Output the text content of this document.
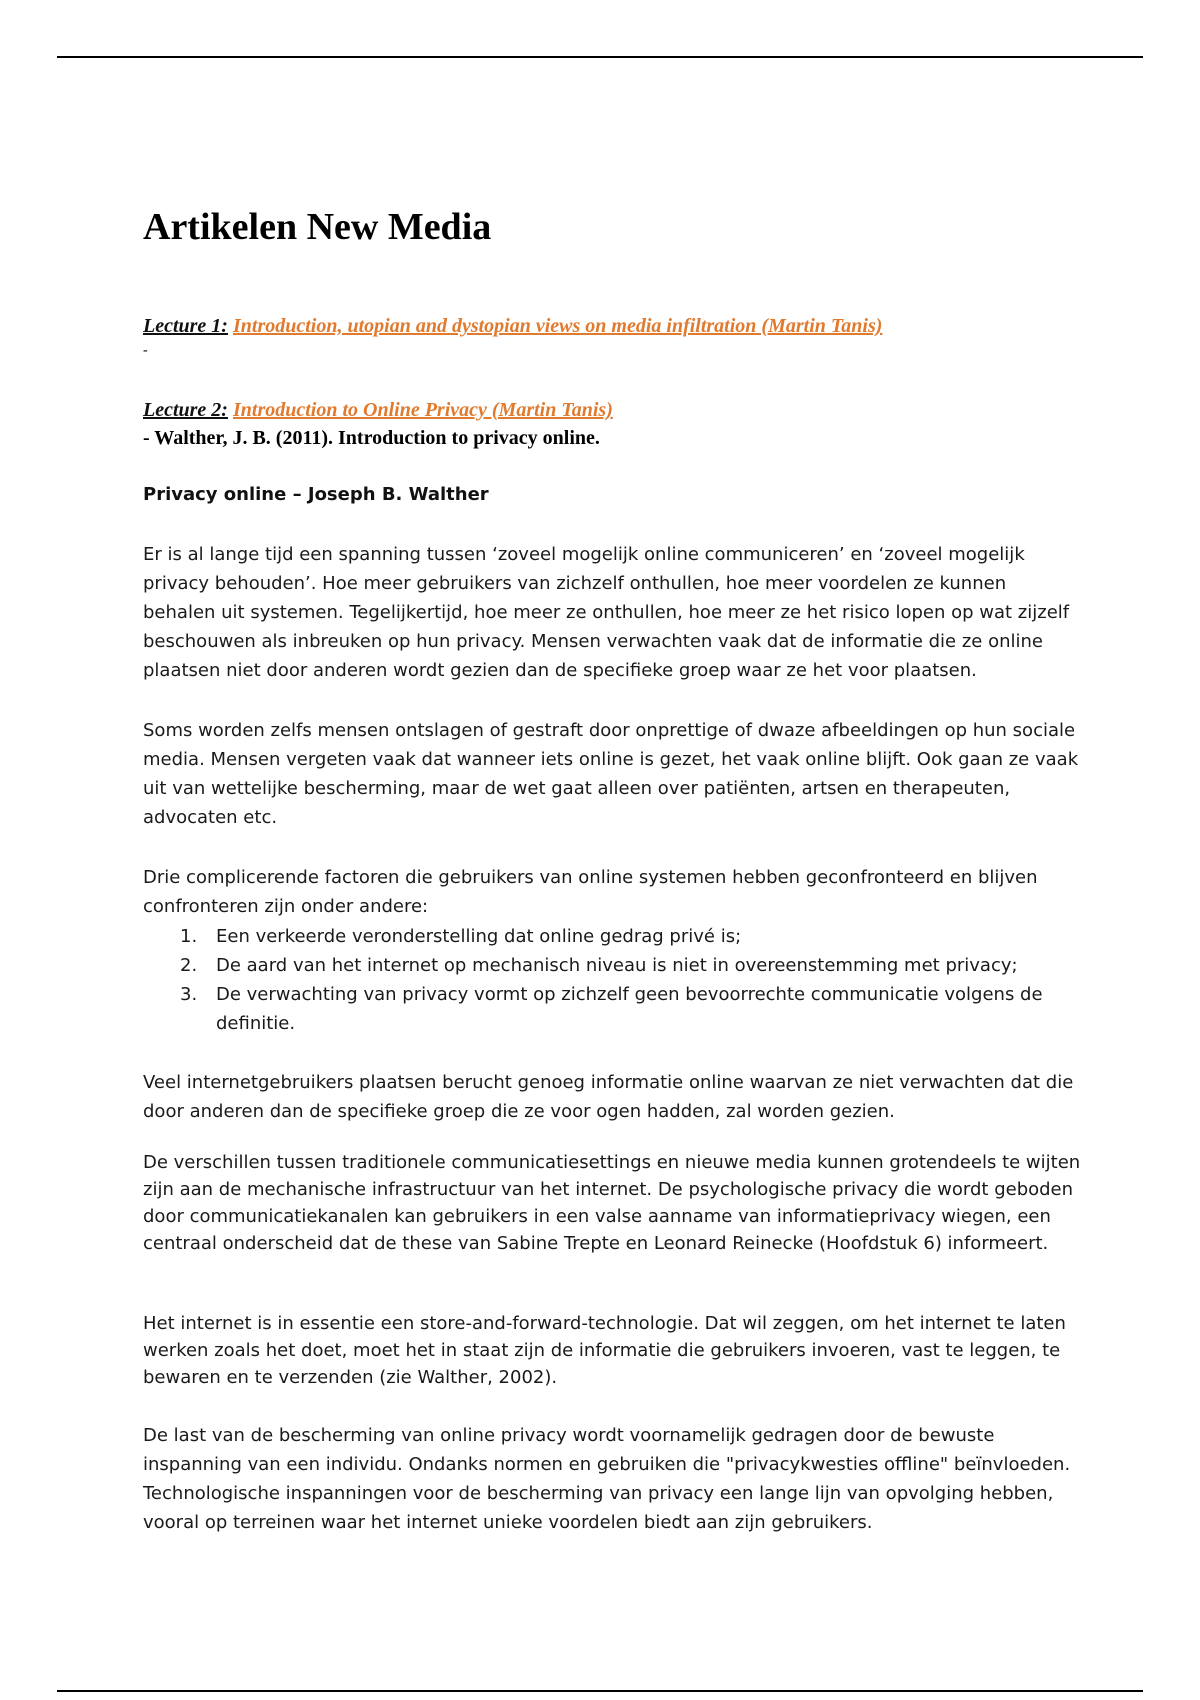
Artikelen New Media

Lecture 1: Introduction, utopian and dystopian views on media infiltration (Martin Tanis)

-

Lecture 2: Introduction to Online Privacy (Martin Tanis)

- Walther, J. B. (2011). Introduction to privacy online.

Privacy online – Joseph B. Walther

Er is al lange tijd een spanning tussen ‘zoveel mogelijk online communiceren’ en ‘zoveel mogelijk privacy behouden’. Hoe meer gebruikers van zichzelf onthullen, hoe meer voordelen ze kunnen behalen uit systemen. Tegelijkertijd, hoe meer ze onthullen, hoe meer ze het risico lopen op wat zijzelf beschouwen als inbreuken op hun privacy. Mensen verwachten vaak dat de informatie die ze online plaatsen niet door anderen wordt gezien dan de specifieke groep waar ze het voor plaatsen.

Soms worden zelfs mensen ontslagen of gestraft door onprettige of dwaze afbeeldingen op hun sociale media. Mensen vergeten vaak dat wanneer iets online is gezet, het vaak online blijft. Ook gaan ze vaak uit van wettelijke bescherming, maar de wet gaat alleen over patiënten, artsen en therapeuten, advocaten etc.

Drie complicerende factoren die gebruikers van online systemen hebben geconfronteerd en blijven confronteren zijn onder andere:

1. Een verkeerde veronderstelling dat online gedrag privé is;
2. De aard van het internet op mechanisch niveau is niet in overeenstemming met privacy;
3. De verwachting van privacy vormt op zichzelf geen bevoorrechte communicatie volgens de definitie.

Veel internetgebruikers plaatsen berucht genoeg informatie online waarvan ze niet verwachten dat die door anderen dan de specifieke groep die ze voor ogen hadden, zal worden gezien.

De verschillen tussen traditionele communicatiesettings en nieuwe media kunnen grotendeels te wijten zijn aan de mechanische infrastructuur van het internet. De psychologische privacy die wordt geboden door communicatiekanalen kan gebruikers in een valse aanname van informatieprivacy wiegen, een centraal onderscheid dat de these van Sabine Trepte en Leonard Reinecke (Hoofdstuk 6) informeert.

Het internet is in essentie een store-and-forward-technologie. Dat wil zeggen, om het internet te laten werken zoals het doet, moet het in staat zijn de informatie die gebruikers invoeren, vast te leggen, te bewaren en te verzenden (zie Walther, 2002).

De last van de bescherming van online privacy wordt voornamelijk gedragen door de bewuste inspanning van een individu. Ondanks normen en gebruiken die "privacykwesties offline" beïnvloeden. Technologische inspanningen voor de bescherming van privacy een lange lijn van opvolging hebben, vooral op terreinen waar het internet unieke voordelen biedt aan zijn gebruikers.
